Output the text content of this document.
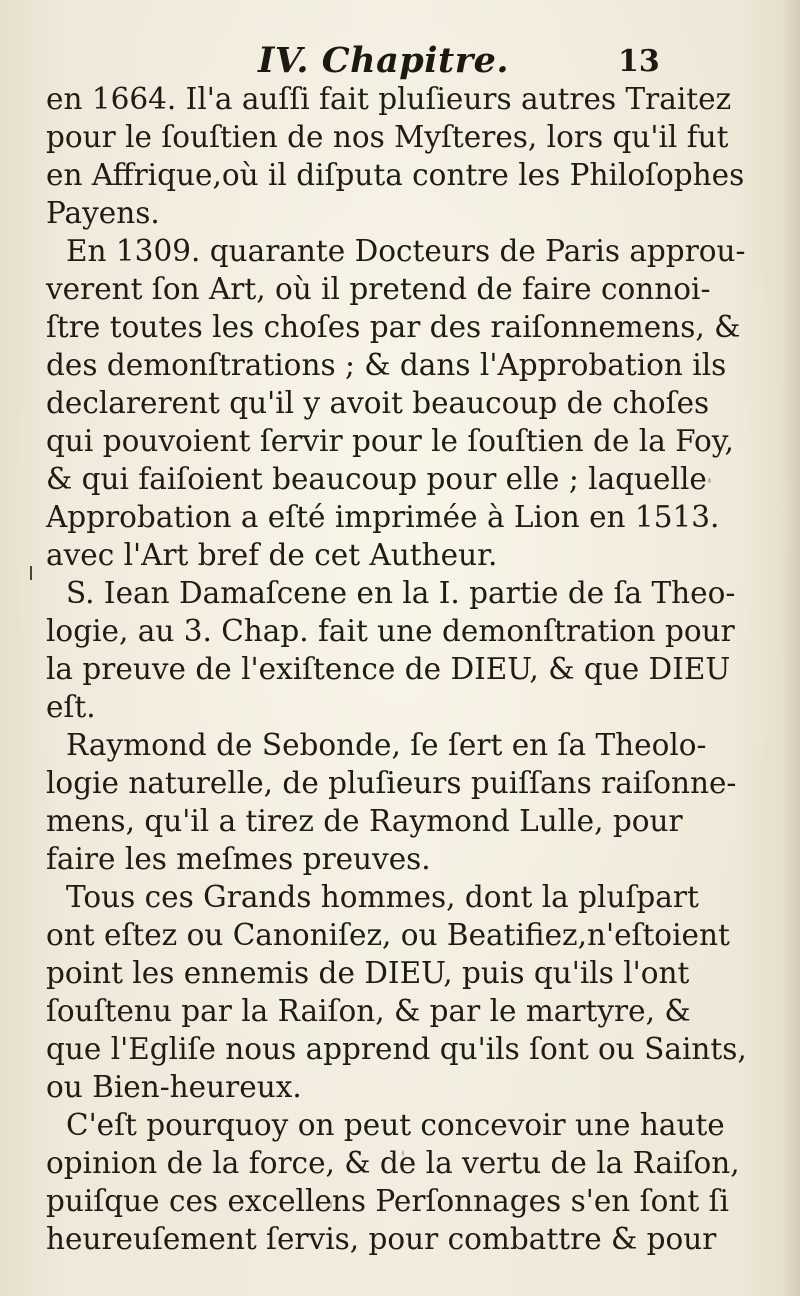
IV. Chapitre.	13
en 1664. Il'a auſſi fait pluſieurs autres Traitez
pour le ſouſtien de nos Myſteres, lors qu'il fut
en Affrique,où il diſputa contre les Philoſophes
Payens.
En 1309. quarante Docteurs de Paris approu-
verent ſon Art, où il pretend de faire connoi-
ſtre toutes les choſes par des raiſonnemens, &
des demonſtrations ; & dans l'Approbation ils
declarerent qu'il y avoit beaucoup de choſes
qui pouvoient ſervir pour le ſouſtien de la Foy,
& qui faiſoient beaucoup pour elle ; laquelle
Approbation a eſté imprimée à Lion en 1513.
avec l'Art bref de cet Autheur.
S. Iean Damaſcene en la I. partie de ſa Theo-
logie, au 3. Chap. fait une demonſtration pour
la preuve de l'exiſtence de DIEU, & que DIEU
eſt.
Raymond de Sebonde, ſe ſert en ſa Theolo-
logie naturelle, de pluſieurs puiſſans raiſonne-
mens, qu'il a tirez de Raymond Lulle, pour
faire les meſmes preuves.
Tous ces Grands hommes, dont la pluſpart
ont eſtez ou Canoniſez, ou Beatifiez,n'eſtoient
point les ennemis de DIEU, puis qu'ils l'ont
ſouſtenu par la Raiſon, & par le martyre, &
que l'Egliſe nous apprend qu'ils ſont ou Saints,
ou Bien-heureux.
C'eſt pourquoy on peut concevoir une haute
opinion de la force, & de la vertu de la Raiſon,
puiſque ces excellens Perſonnages s'en ſont ſi
heureuſement ſervis, pour combattre & pour
